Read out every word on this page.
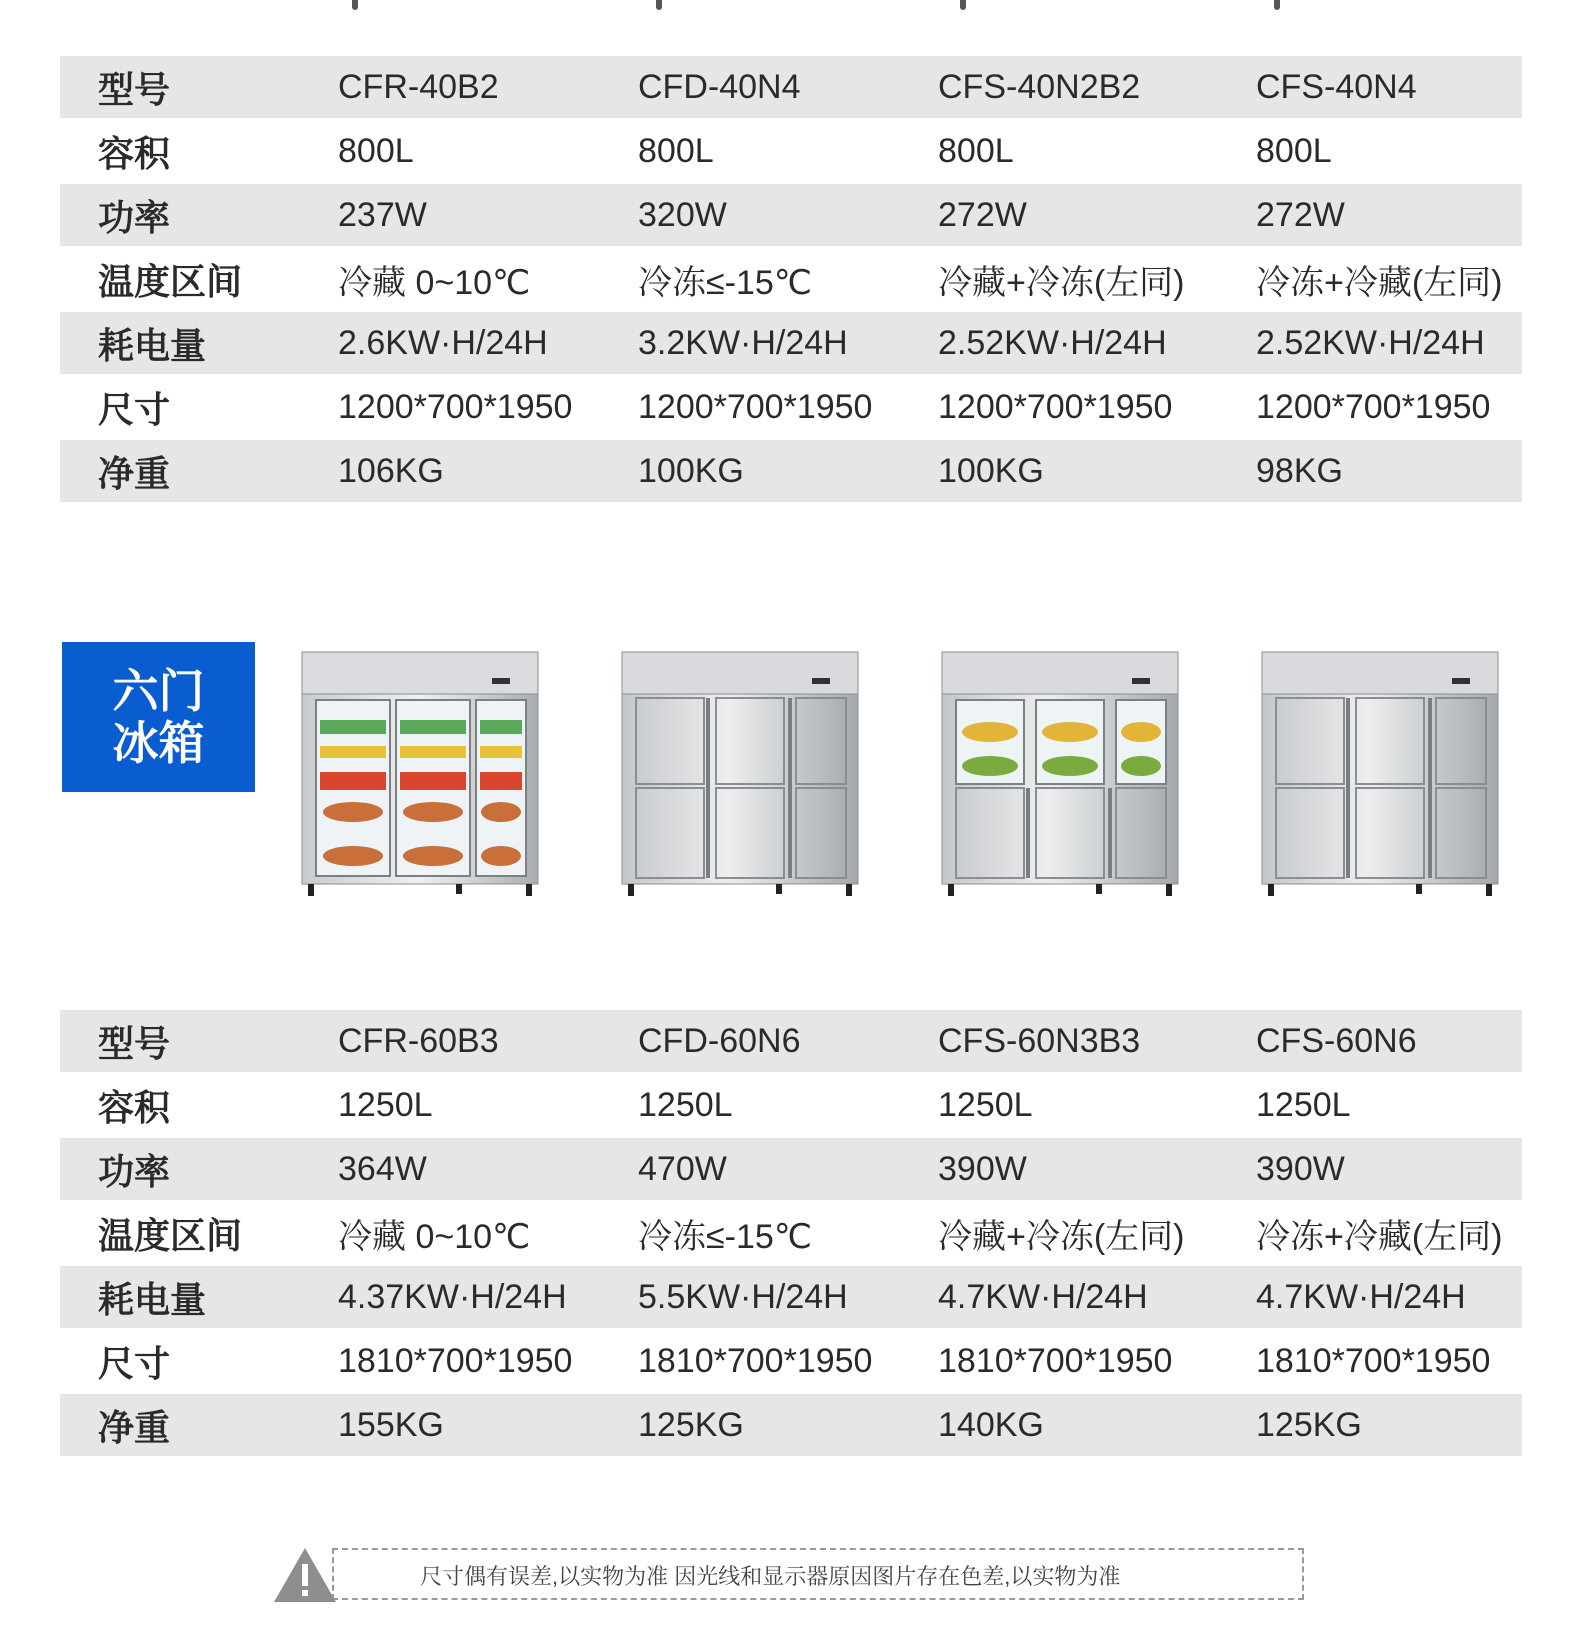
型号	CFR-40B2	CFD-40N4	CFS-40N2B2	CFS-40N4
容积	800L	800L	800L	800L
功率	237W	320W	272W	272W
温度区间	冷藏 0~10℃	冷冻≤-15℃	冷藏+冷冻(左同)	冷冻+冷藏(左同)
耗电量	2.6KW·H/24H	3.2KW·H/24H	2.52KW·H/24H	2.52KW·H/24H
尺寸	1200*700*1950	1200*700*1950	1200*700*1950	1200*700*1950
净重	106KG	100KG	100KG	98KG
六门
冰箱
型号	CFR-60B3	CFD-60N6	CFS-60N3B3	CFS-60N6
容积	1250L	1250L	1250L	1250L
功率	364W	470W	390W	390W
温度区间	冷藏 0~10℃	冷冻≤-15℃	冷藏+冷冻(左同)	冷冻+冷藏(左同)
耗电量	4.37KW·H/24H	5.5KW·H/24H	4.7KW·H/24H	4.7KW·H/24H
尺寸	1810*700*1950	1810*700*1950	1810*700*1950	1810*700*1950
净重	155KG	125KG	140KG	125KG
尺寸偶有误差,以实物为准 因光线和显示器原因图片存在色差,以实物为准
